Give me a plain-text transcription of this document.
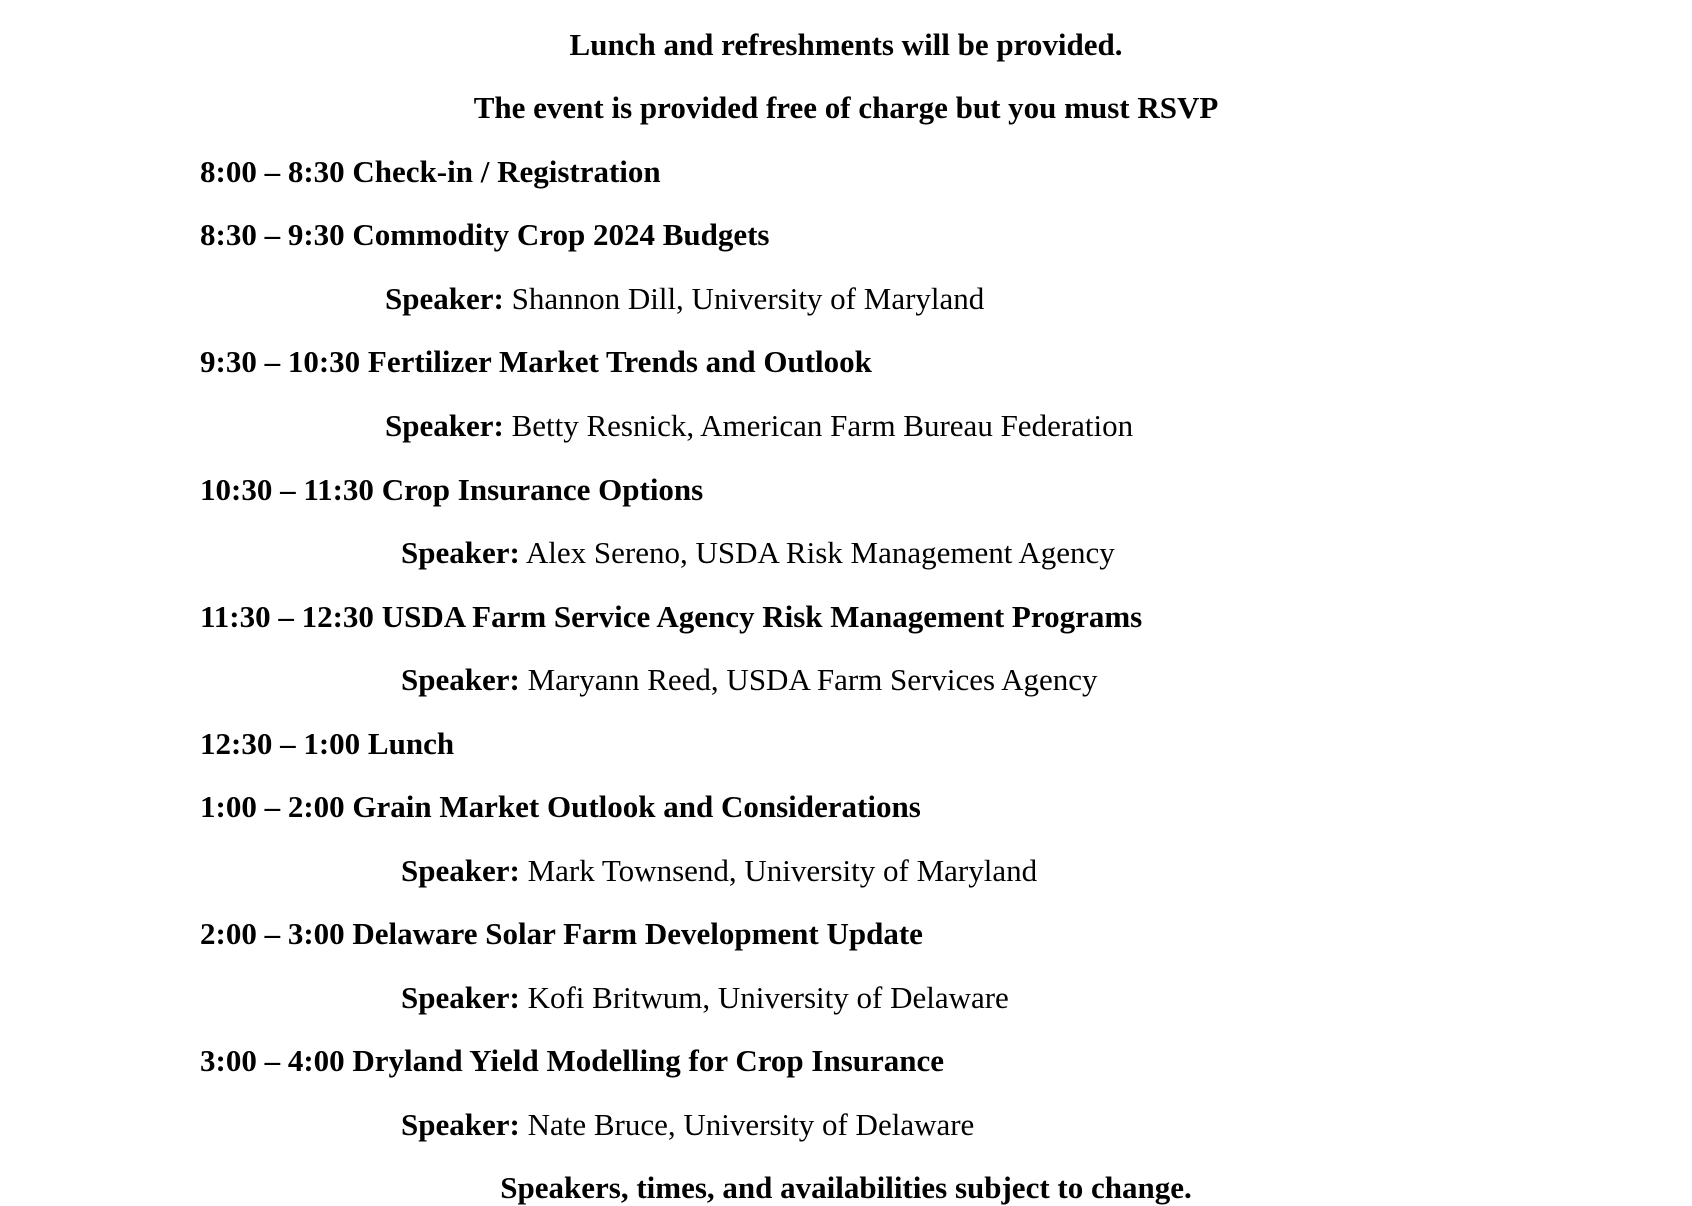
Lunch and refreshments will be provided.
The event is provided free of charge but you must RSVP
8:00 – 8:30 Check-in / Registration
8:30 – 9:30 Commodity Crop 2024 Budgets
Speaker: Shannon Dill, University of Maryland
9:30 – 10:30 Fertilizer Market Trends and Outlook
Speaker: Betty Resnick, American Farm Bureau Federation
10:30 – 11:30 Crop Insurance Options
Speaker: Alex Sereno, USDA Risk Management Agency
11:30 – 12:30 USDA Farm Service Agency Risk Management Programs
Speaker: Maryann Reed, USDA Farm Services Agency
12:30 – 1:00 Lunch
1:00 – 2:00 Grain Market Outlook and Considerations
Speaker: Mark Townsend, University of Maryland
2:00 – 3:00 Delaware Solar Farm Development Update
Speaker: Kofi Britwum, University of Delaware
3:00 – 4:00 Dryland Yield Modelling for Crop Insurance
Speaker: Nate Bruce, University of Delaware
Speakers, times, and availabilities subject to change.
